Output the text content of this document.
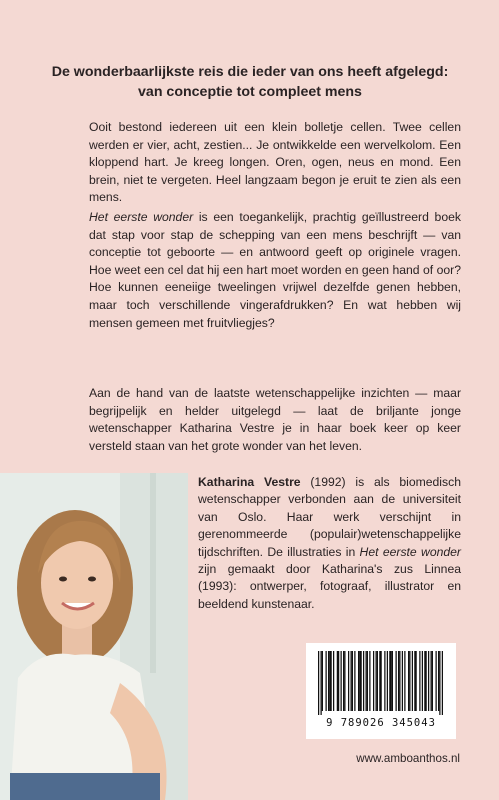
De wonderbaarlijkste reis die ieder van ons heeft afgelegd: van conceptie tot compleet mens
Ooit bestond iedereen uit een klein bolletje cellen. Twee cellen werden er vier, acht, zestien... Je ontwikkelde een wervelkolom. Een kloppend hart. Je kreeg longen. Oren, ogen, neus en mond. Een brein, niet te vergeten. Heel langzaam begon je eruit te zien als een mens.
Het eerste wonder is een toegankelijk, prachtig geïllustreerd boek dat stap voor stap de schepping van een mens beschrijft — van conceptie tot geboorte — en antwoord geeft op originele vragen. Hoe weet een cel dat hij een hart moet worden en geen hand of oor? Hoe kunnen eeneiige tweelingen vrijwel dezelfde genen hebben, maar toch verschillende vingerafdrukken? En wat hebben wij mensen gemeen met fruitvliegjes?
Aan de hand van de laatste wetenschappelijke inzichten — maar begrijpelijk en helder uitgelegd — laat de briljante jonge wetenschapper Katharina Vestre je in haar boek keer op keer versteld staan van het grote wonder van het leven.
Katharina Vestre (1992) is als biomedisch wetenschapper verbonden aan de universiteit van Oslo. Haar werk verschijnt in gerenommeerde (populair)wetenschappelijke tijdschriften. De illustraties in Het eerste wonder zijn gemaakt door Katharina's zus Linnea (1993): ontwerper, fotograaf, illustrator en beeldend kunstenaar.
9 789026 345043
www.amboanthos.nl
